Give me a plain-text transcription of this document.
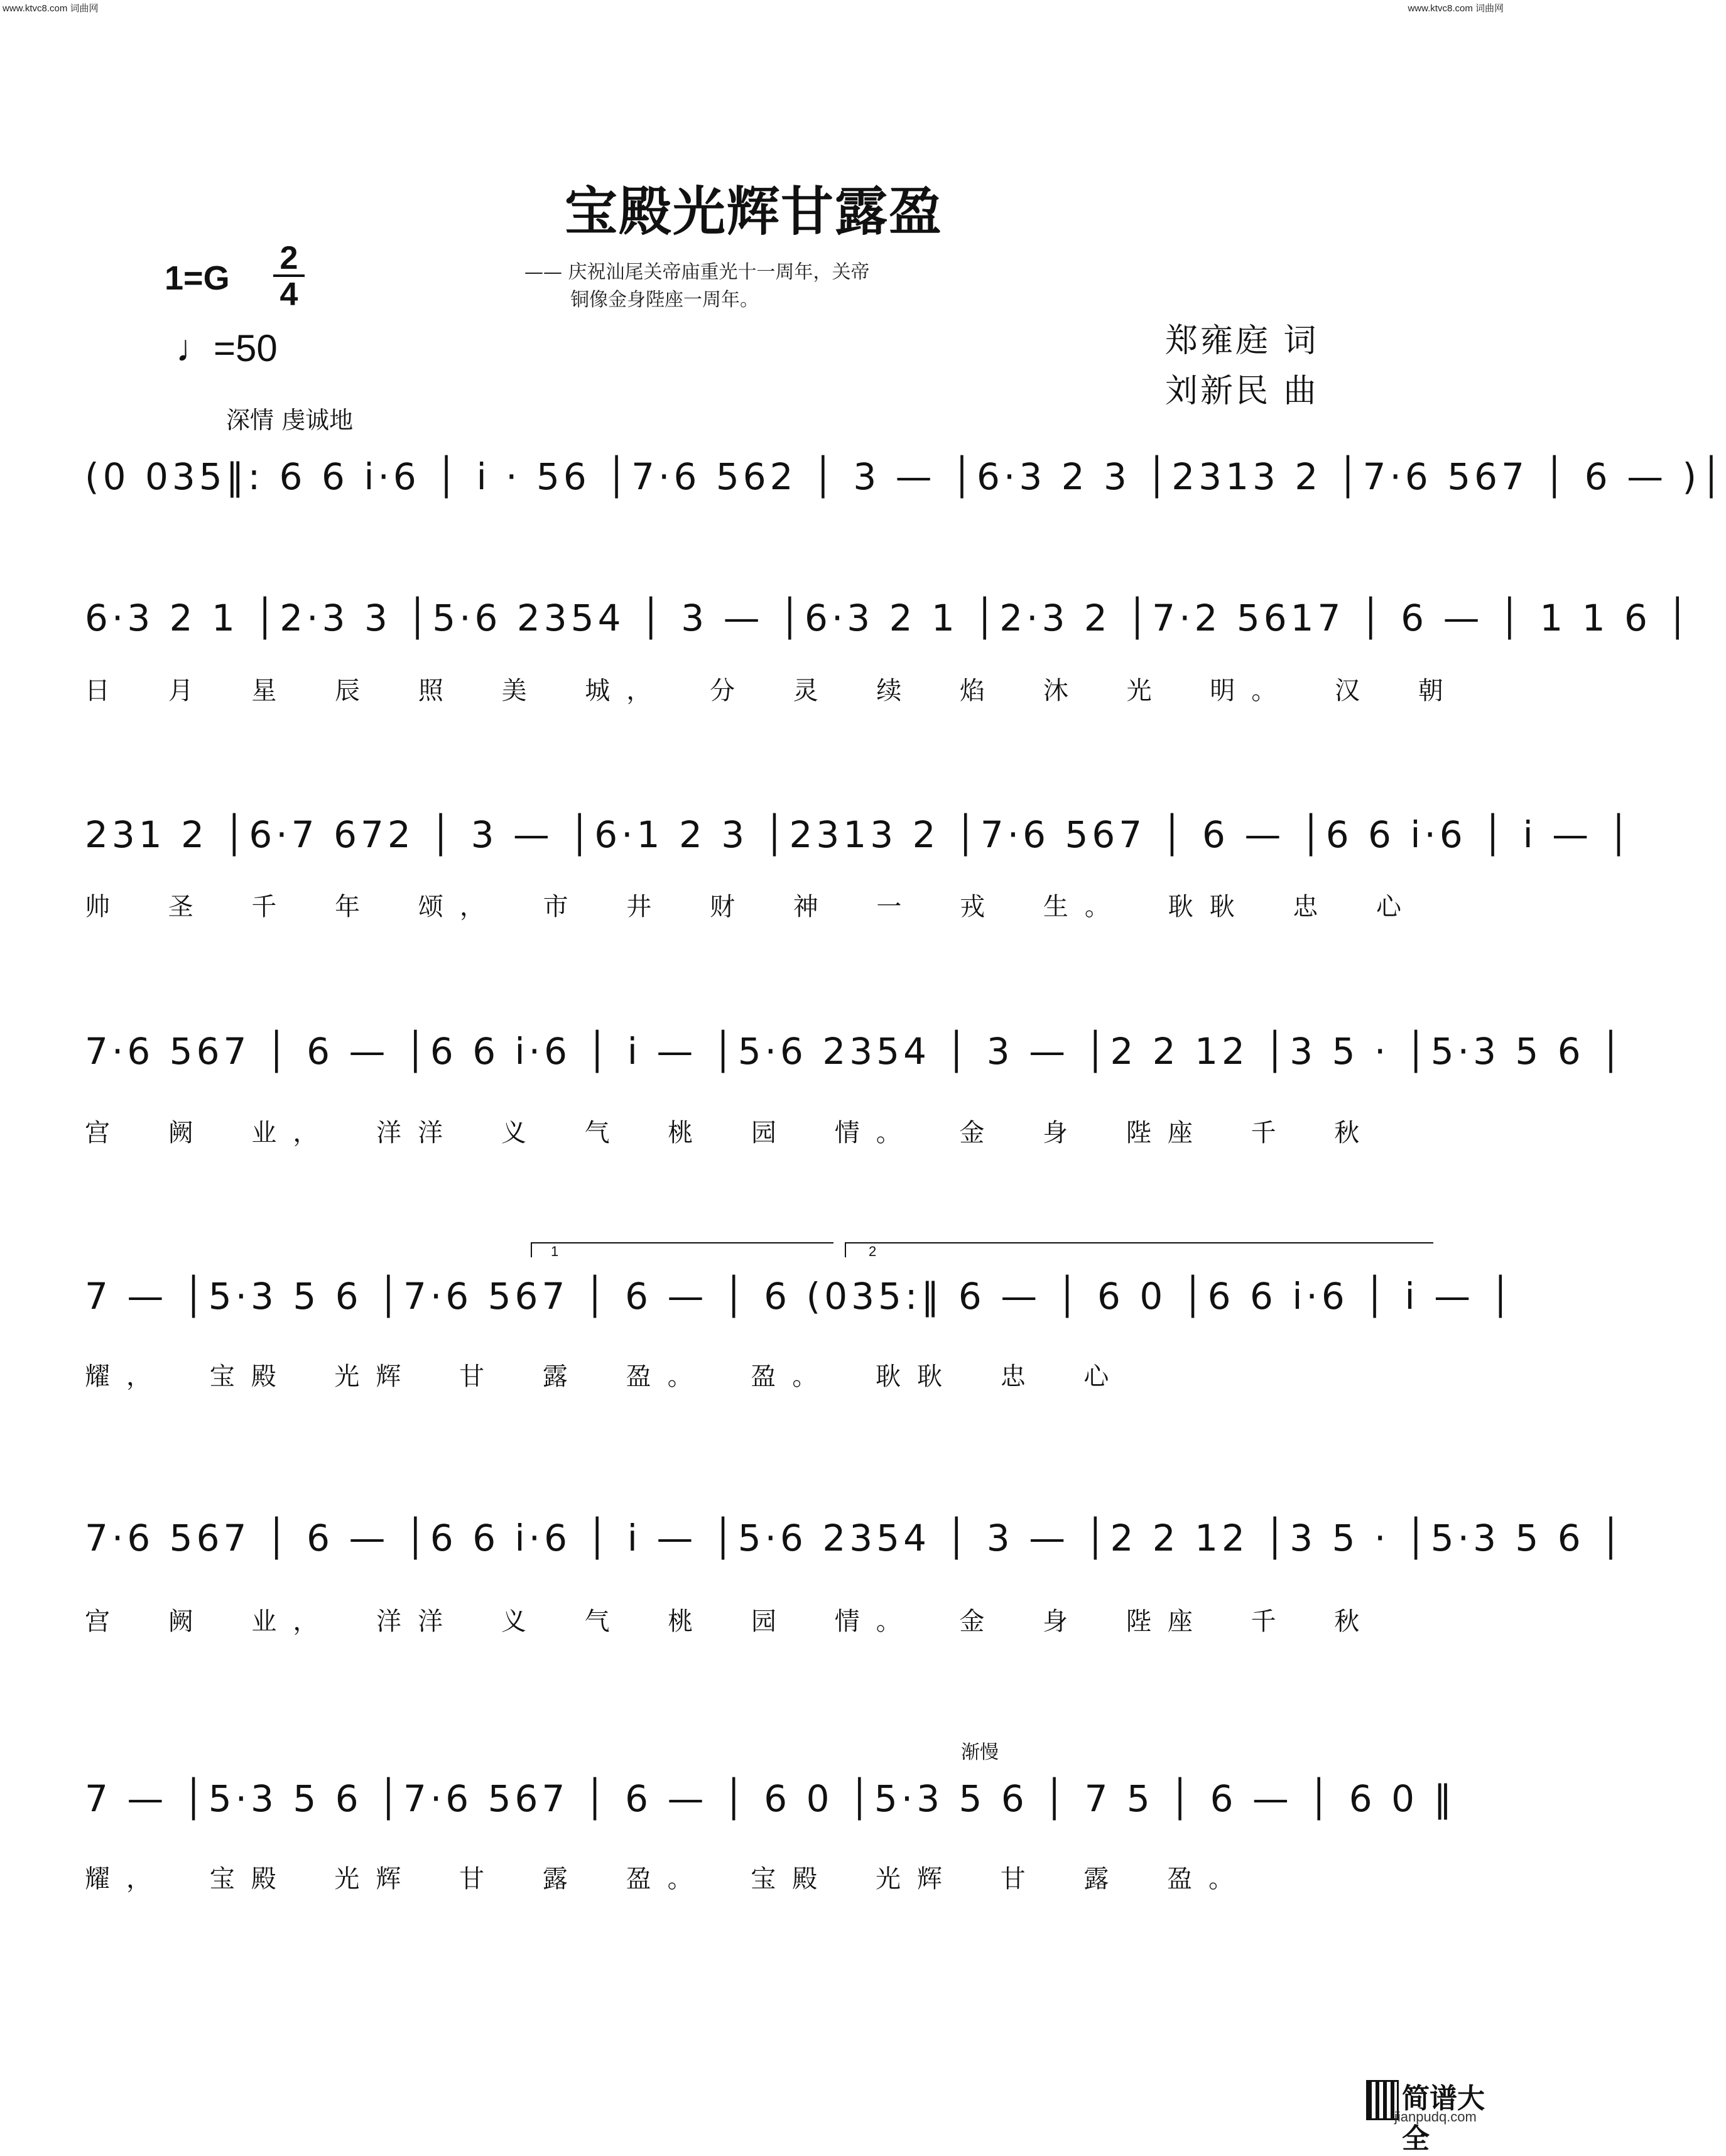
www.ktvc8.com 词曲网	www.ktvc8.com 词曲网
宝殿光辉甘露盈
—— 庆祝汕尾关帝庙重光十一周年，关帝
铜像金身陛座一周年。
$1=G \frac{2}{4}$
♩=50
深情 虔诚地
郑雍庭 词
刘新民 曲
(0 035‖: 6 6 i·6 │ i · 56 │7·6 562 │ 3 — │6·3 2 3 │2313 2 │7·6 567 │ 6 — )│
6·3 2 1 │2·3 3 │5·6 2354 │ 3 — │6·3 2 1 │2·3 2 │7·2 5617 │ 6 — │ 1 1 6 │
日 月 星 辰 照 美 城， 分 灵 续 焰 沐 光 明。 汉 朝
231 2 │6·7 672 │ 3 — │6·1 2 3 │2313 2 │7·6 567 │ 6 — │6 6 i·6 │ i — │
帅 圣 千 年 颂， 市 井 财 神 一 戎 生。 耿耿 忠 心
7·6 567 │ 6 — │6 6 i·6 │ i — │5·6 2354 │ 3 — │2 2 12 │3 5 · │5·3 5 6 │
宫 阙 业， 洋洋 义 气 桃 园 情。 金 身 陛座 千 秋
1	2
7 — │5·3 5 6 │7·6 567 │ 6 — │ 6 (035:‖ 6 — │ 6 0 │6 6 i·6 │ i — │
耀， 宝殿 光辉 甘 露 盈。 盈。 耿耿 忠 心
7·6 567 │ 6 — │6 6 i·6 │ i — │5·6 2354 │ 3 — │2 2 12 │3 5 · │5·3 5 6 │
宫 阙 业， 洋洋 义 气 桃 园 情。 金 身 陛座 千 秋
渐慢
7 — │5·3 5 6 │7·6 567 │ 6 — │ 6 0 │5·3 5 6 │ 7 5 │ 6 — │ 6 0 ‖
耀， 宝殿 光辉 甘 露 盈。 宝殿 光辉 甘 露 盈。
简谱大全
jianpudq.com
